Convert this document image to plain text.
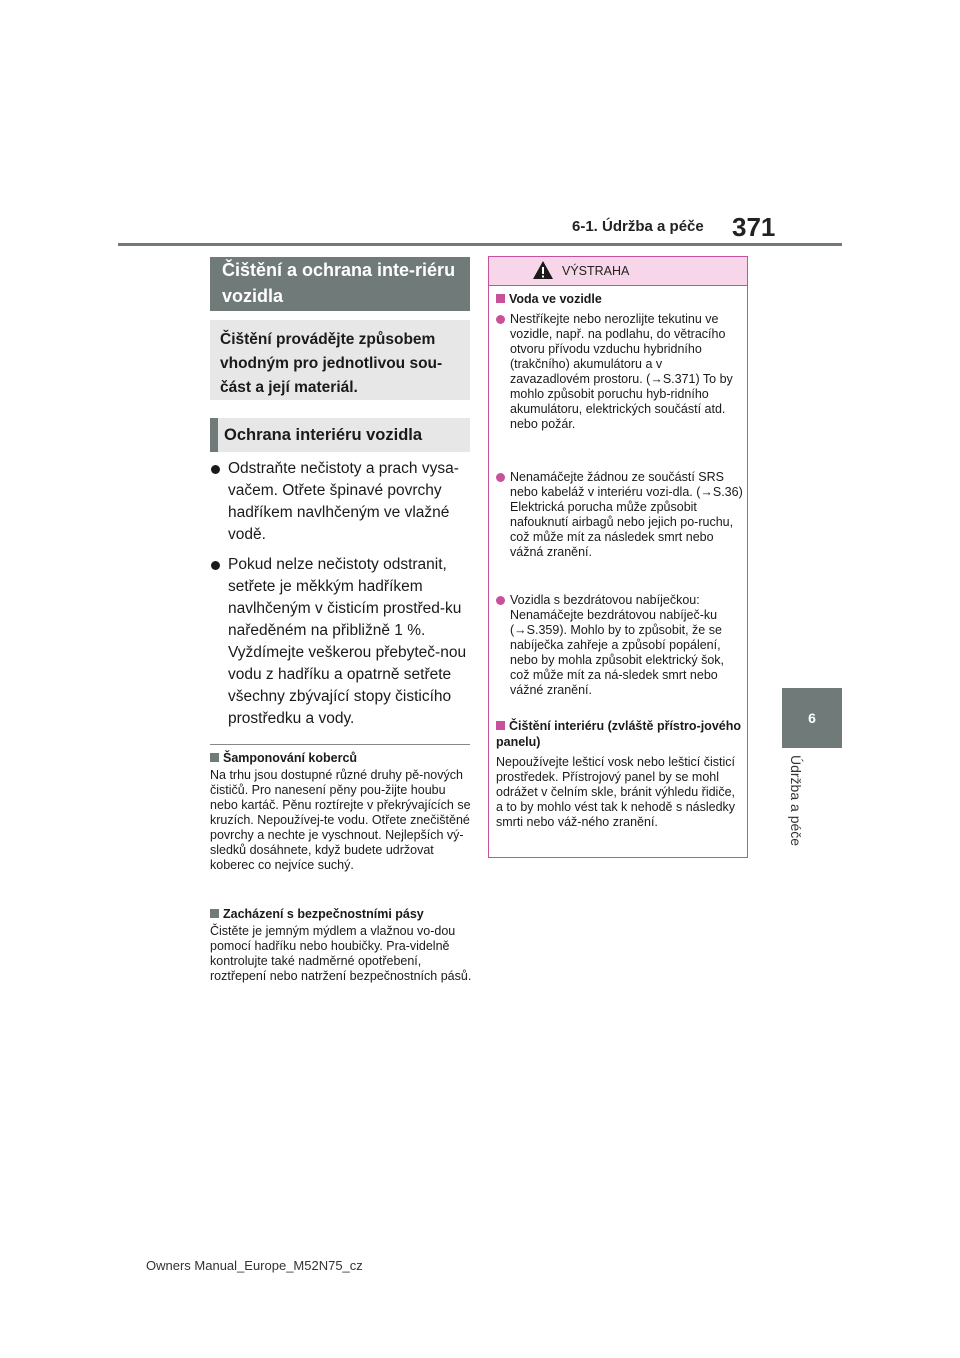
6-1. Údržba a péče 371
6
Údržba a péče
Čištění a ochrana inte-riéru vozidla
Čištění provádějte způsobem vhodným pro jednotlivou sou-část a její materiál.
Ochrana interiéru vozidla
Odstraňte nečistoty a prach vysa-vačem. Otřete špinavé povrchy hadříkem navlhčeným ve vlažné vodě.
Pokud nelze nečistoty odstranit, setřete je měkkým hadříkem navlhčeným v čisticím prostřed-ku naředěném na přibližně 1 %. Vyždímejte veškerou přebyteč-nou vodu z hadříku a opatrně setřete všechny zbývající stopy čisticího prostředku a vody.
Šamponování koberců
Na trhu jsou dostupné různé druhy pě-nových čističů. Pro nanesení pěny pou-žijte houbu nebo kartáč. Pěnu roztírejte v překrývajících se kruzích. Nepoužívej-te vodu. Otřete znečištěné povrchy a nechte je vyschnout. Nejlepších vý-sledků dosáhnete, když budete udržovat koberec co nejvíce suchý.
Zacházení s bezpečnostními pásy
Čistěte je jemným mýdlem a vlažnou vo-dou pomocí hadříku nebo houbičky. Pra-videlně kontrolujte také nadměrné opotřebení, roztřepení nebo natržení bezpečnostních pásů.
VÝSTRAHA
Voda ve vozidle
Nestříkejte nebo nerozlijte tekutinu ve vozidle, např. na podlahu, do větracího otvoru přívodu vzduchu hybridního (trakčního) akumulátoru a v zavazadlovém prostoru. (→S.371) To by mohlo způsobit poruchu hyb-ridního akumulátoru, elektrických součástí atd. nebo požár.
Nenamáčejte žádnou ze součástí SRS nebo kabeláž v interiéru vozi-dla. (→S.36) Elektrická porucha může způsobit nafouknutí airbagů nebo jejich po-ruchu, což může mít za následek smrt nebo vážná zranění.
Vozidla s bezdrátovou nabíječkou: Nenamáčejte bezdrátovou nabíječ-ku (→S.359). Mohlo by to způsobit, že se nabíječka zahřeje a způsobí popálení, nebo by mohla způsobit elektrický šok, což může mít za ná-sledek smrt nebo vážné zranění.
Čištění interiéru (zvláště přístro-jového panelu)
Nepoužívejte lešticí vosk nebo lešticí čisticí prostředek. Přístrojový panel by se mohl odrážet v čelním skle, bránit výhledu řidiče, a to by mohlo vést tak k nehodě s následky smrti nebo váž-ného zranění.
Owners Manual_Europe_M52N75_cz
